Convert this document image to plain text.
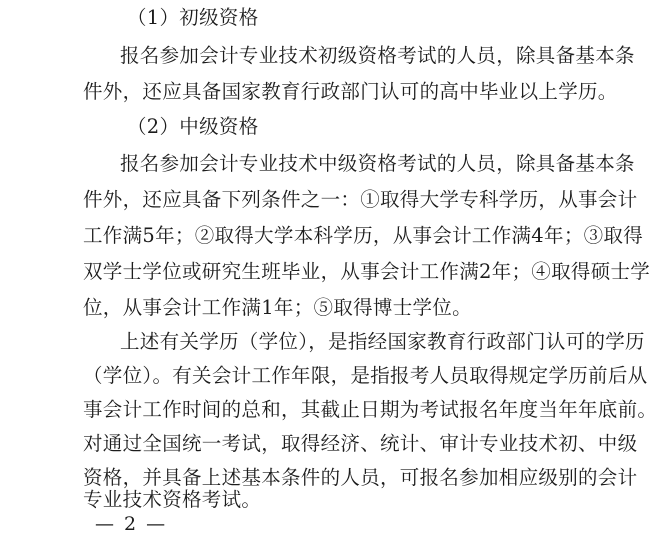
（1）初级资格
报名参加会计专业技术初级资格考试的人员，除具备基本条
件外，还应具备国家教育行政部门认可的高中毕业以上学历。
（2）中级资格
报名参加会计专业技术中级资格考试的人员，除具备基本条
件外，还应具备下列条件之一：①取得大学专科学历，从事会计
工作满5年；②取得大学本科学历，从事会计工作满4年；③取得
双学士学位或研究生班毕业，从事会计工作满2年；④取得硕士学
位，从事会计工作满1年；⑤取得博士学位。
上述有关学历（学位），是指经国家教育行政部门认可的学历
（学位）。有关会计工作年限，是指报考人员取得规定学历前后从
事会计工作时间的总和，其截止日期为考试报名年度当年年底前。
对通过全国统一考试，取得经济、统计、审计专业技术初、中级
资格，并具备上述基本条件的人员，可报名参加相应级别的会计
— 2 —
专业技术资格考试。
